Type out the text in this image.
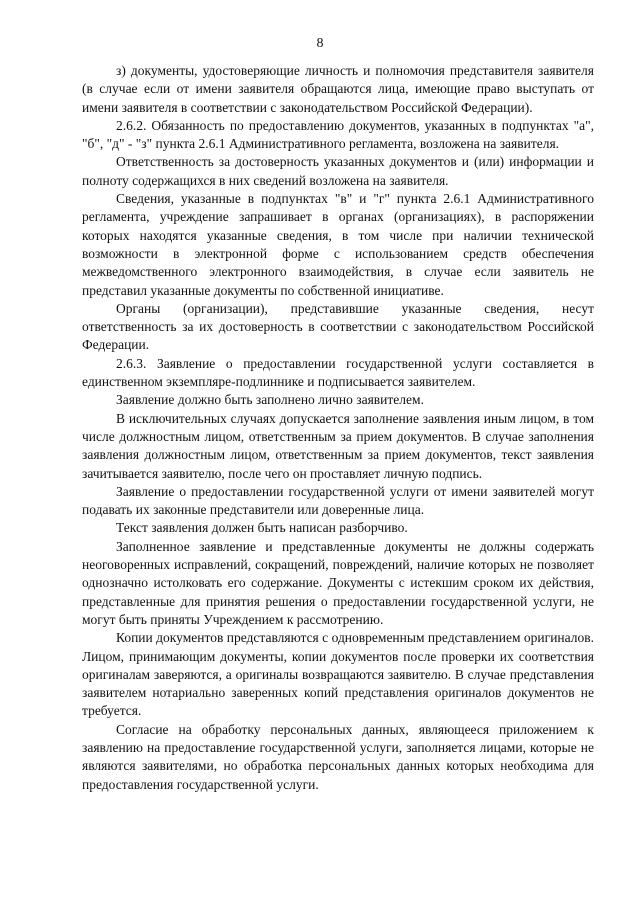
8

з) документы, удостоверяющие личность и полномочия представителя заявителя (в случае если от имени заявителя обращаются лица, имеющие право выступать от имени заявителя в соответствии с законодательством Российской Федерации).

2.6.2. Обязанность по предоставлению документов, указанных в подпунктах "а", "б", "д" - "з" пункта 2.6.1 Административного регламента, возложена на заявителя.

Ответственность за достоверность указанных документов и (или) информации и полноту содержащихся в них сведений возложена на заявителя.

Сведения, указанные в подпунктах "в" и "г" пункта 2.6.1 Административного регламента, учреждение запрашивает в органах (организациях), в распоряжении которых находятся указанные сведения, в том числе при наличии технической возможности в электронной форме с использованием средств обеспечения межведомственного электронного взаимодействия, в случае если заявитель не представил указанные документы по собственной инициативе.

Органы (организации), представившие указанные сведения, несут ответственность за их достоверность в соответствии с законодательством Российской Федерации.

2.6.3. Заявление о предоставлении государственной услуги составляется в единственном экземпляре-подлиннике и подписывается заявителем.

Заявление должно быть заполнено лично заявителем.

В исключительных случаях допускается заполнение заявления иным лицом, в том числе должностным лицом, ответственным за прием документов. В случае заполнения заявления должностным лицом, ответственным за прием документов, текст заявления зачитывается заявителю, после чего он проставляет личную подпись.

Заявление о предоставлении государственной услуги от имени заявителей могут подавать их законные представители или доверенные лица.

Текст заявления должен быть написан разборчиво.

Заполненное заявление и представленные документы не должны содержать неоговоренных исправлений, сокращений, повреждений, наличие которых не позволяет однозначно истолковать его содержание. Документы с истекшим сроком их действия, представленные для принятия решения о предоставлении государственной услуги, не могут быть приняты Учреждением к рассмотрению.

Копии документов представляются с одновременным представлением оригиналов. Лицом, принимающим документы, копии документов после проверки их соответствия оригиналам заверяются, а оригиналы возвращаются заявителю. В случае представления заявителем нотариально заверенных копий представления оригиналов документов не требуется.

Согласие на обработку персональных данных, являющееся приложением к заявлению на предоставление государственной услуги, заполняется лицами, которые не являются заявителями, но обработка персональных данных которых необходима для предоставления государственной услуги.
